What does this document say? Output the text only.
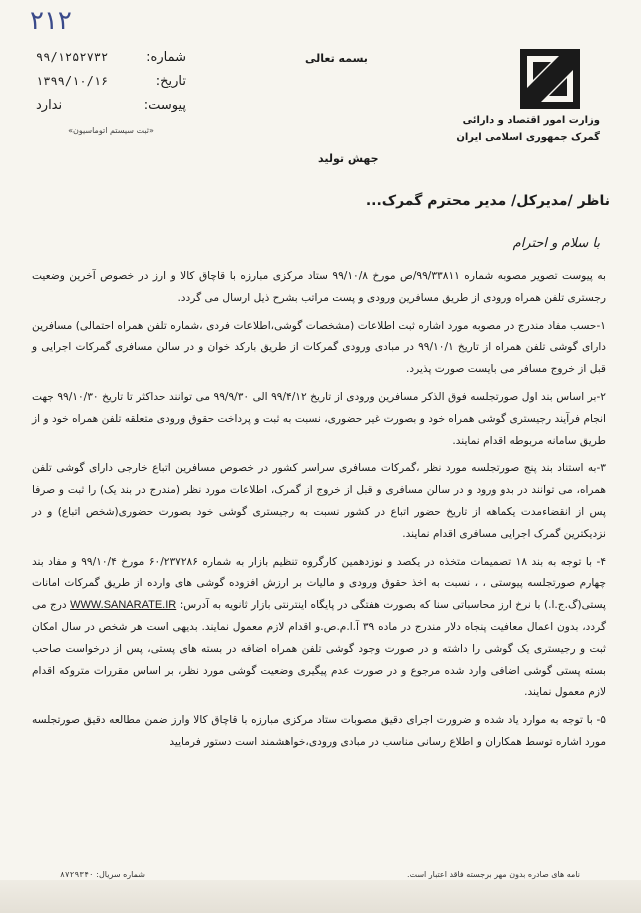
۲۱۲
شماره:
۹۹/۱۲۵۲۷۳۲
تاریخ:
۱۳۹۹/۱۰/۱۶
پیوست:
ندارد
«ثبت سیستم اتوماسیون»
بسمه تعالی
وزارت امور اقتصاد و دارائی
گمرک جمهوری اسلامی ایران
جهش تولید
ناظر /مدیرکل/ مدیر محترم گمرک...
با سلام و احترام

به پیوست تصویر مصوبه شماره ۹۹/۳۳۸۱۱/ص مورخ ۹۹/۱۰/۸ ستاد مرکزی مبارزه با قاچاق کالا و ارز در خصوص آخرین وضعیت رجستری تلفن همراه ورودی از طریق مسافرین ورودی و پست مراتب بشرح ذیل ارسال می گردد.

۱-حسب مفاد مندرج در مصوبه مورد اشاره ثبت اطلاعات (مشخصات گوشی،اطلاعات فردی ،شماره تلفن همراه احتمالی) مسافرین دارای گوشی تلفن همراه از تاریخ ۹۹/۱۰/۱ در مبادی ورودی گمرکات از طریق بارکد خوان و در سالن مسافری گمرکات اجرایی و قبل از خروج مسافر می بایست صورت پذیرد.

۲-بر اساس بند اول صورتجلسه فوق الذکر مسافرین ورودی از تاریخ ۹۹/۴/۱۲ الی ۹۹/۹/۳۰ می توانند حداکثر تا تاریخ ۹۹/۱۰/۳۰ جهت انجام فرآیند رجیستری گوشی همراه خود و بصورت غیر حضوری، نسبت به ثبت و پرداخت حقوق ورودی متعلقه تلفن همراه خود و از طریق سامانه مربوطه اقدام نمایند.

۳-به استناد بند پنج صورتجلسه مورد نظر ،گمرکات مسافری سراسر کشور در خصوص مسافرین اتباع خارجی دارای گوشی تلفن همراه، می توانند در بدو ورود و در سالن مسافری و قبل از خروج از گمرک، اطلاعات مورد نظر (مندرج در بند یک) را ثبت و صرفا پس از انقضاءمدت یکماهه از تاریخ حضور اتباع در کشور نسبت به رجیستری گوشی خود بصورت حضوری(شخص اتباع) و در نزدیکترین گمرک اجرایی مسافری اقدام نمایند.

۴- با توجه به بند ۱۸ تصمیمات متخذه در یکصد و نوزدهمین کارگروه تنظیم بازار به شماره ۶۰/۲۳۷۲۸۶ مورخ ۹۹/۱۰/۴ و مفاد بند چهارم صورتجلسه پیوستی ، ، نسبت به اخذ حقوق ورودی و مالیات بر ارزش افزوده گوشی های وارده از طریق گمرکات امانات پستی(گ.ج.ا.) با نرخ ارز محاسباتی سنا که بصورت هفتگی در پایگاه اینترنتی بازار ثانویه به آدرس: WWW.SANARATE.IR درج می گردد، بدون اعمال معافیت پنجاه دلار مندرج در ماده ۳۹ آ.ا.م.ص.و اقدام لازم معمول نمایند. بدیهی است هر شخص در سال امکان ثبت و رجیستری یک گوشی را داشته و در صورت وجود گوشی تلفن همراه اضافه در بسته های پستی، پس از درخواست صاحب بسته پستی گوشی اضافی وارد شده مرجوع و در صورت عدم پیگیری وضعیت گوشی مورد نظر، بر اساس مقررات متروکه اقدام لازم معمول نمایند.

۵- با توجه به موارد یاد شده و ضرورت اجرای دقیق مصوبات ستاد مرکزی مبارزه با قاچاق کالا وارز ضمن مطالعه دقیق صورتجلسه مورد اشاره توسط همکاران و اطلاع رسانی مناسب در مبادی ورودی،خواهشمند است دستور فرمایید

نامه های صادره بدون مهر برجسته فاقد اعتبار است.
شماره سریال: ۸۷۲۹۳۴۰
